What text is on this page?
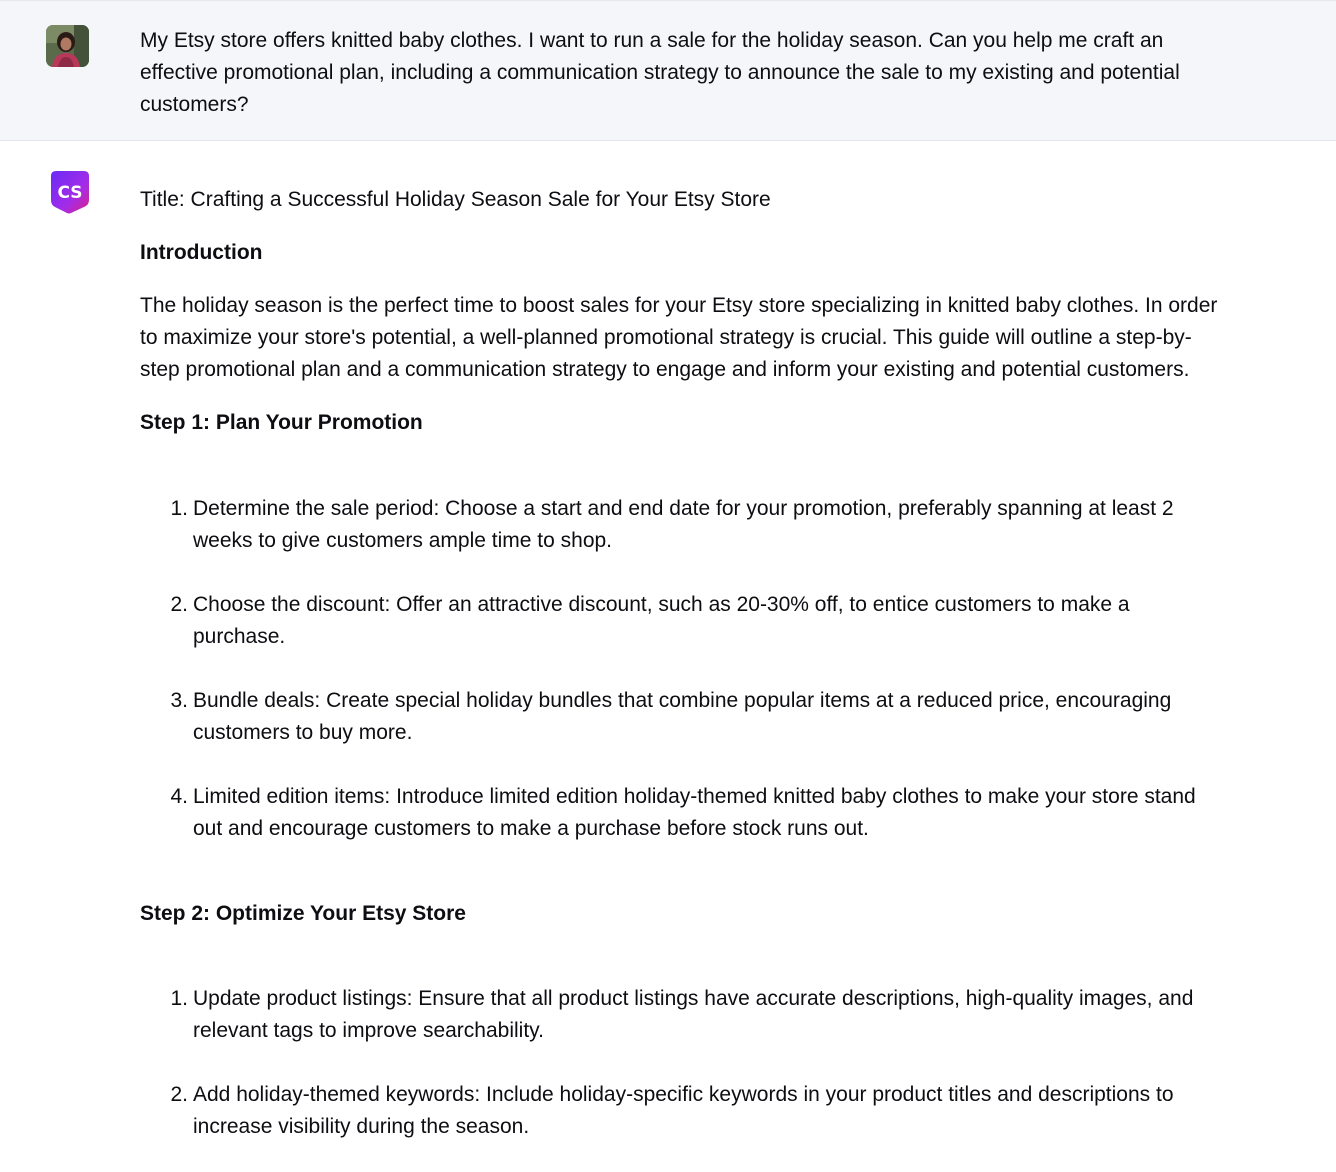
My Etsy store offers knitted baby clothes. I want to run a sale for the holiday season. Can you help me craft an effective promotional plan, including a communication strategy to announce the sale to my existing and potential customers?

CS	Title: Crafting a Successful Holiday Season Sale for Your Etsy Store

Introduction

The holiday season is the perfect time to boost sales for your Etsy store specializing in knitted baby clothes. In order to maximize your store's potential, a well-planned promotional strategy is crucial. This guide will outline a step-by-step promotional plan and a communication strategy to engage and inform your existing and potential customers.

Step 1: Plan Your Promotion

1. Determine the sale period: Choose a start and end date for your promotion, preferably spanning at least 2 weeks to give customers ample time to shop.
2. Choose the discount: Offer an attractive discount, such as 20-30% off, to entice customers to make a purchase.
3. Bundle deals: Create special holiday bundles that combine popular items at a reduced price, encouraging customers to buy more.
4. Limited edition items: Introduce limited edition holiday-themed knitted baby clothes to make your store stand out and encourage customers to make a purchase before stock runs out.

Step 2: Optimize Your Etsy Store

1. Update product listings: Ensure that all product listings have accurate descriptions, high-quality images, and relevant tags to improve searchability.
2. Add holiday-themed keywords: Include holiday-specific keywords in your product titles and descriptions to increase visibility during the season.
